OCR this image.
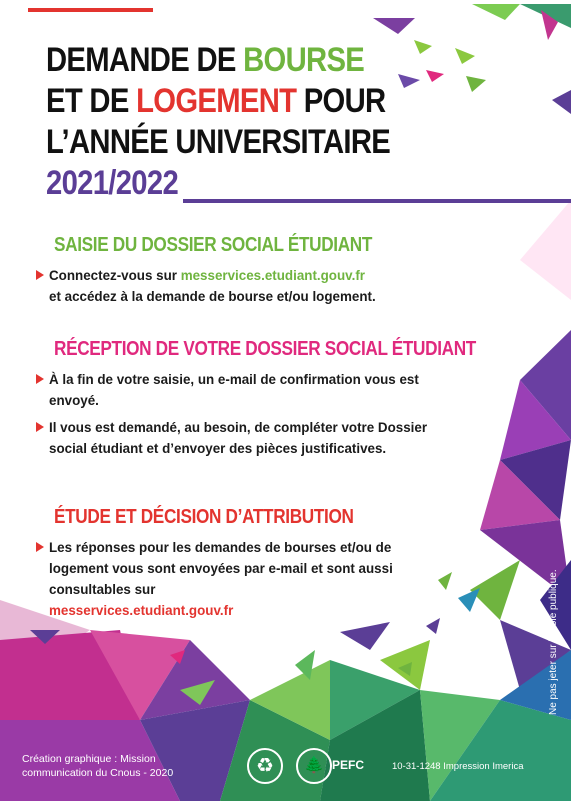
DEMANDE DE BOURSE
ET DE LOGEMENT POUR
L’ANNÉE UNIVERSITAIRE 2021/2022
SAISIE DU DOSSIER SOCIAL ÉTUDIANT
Connectez-vous sur messervices.etudiant.gouv.fr
et accédez à la demande de bourse et/ou logement.
RÉCEPTION DE VOTRE DOSSIER SOCIAL ÉTUDIANT
À la fin de votre saisie, un e-mail de confirmation vous est envoyé.
Il vous est demandé, au besoin, de compléter votre Dossier social étudiant et d’envoyer des pièces justificatives.
ÉTUDE ET DÉCISION D’ATTRIBUTION
Les réponses pour les demandes de bourses et/ou de logement vous sont envoyées par e-mail et sont aussi consultables sur
messervices.etudiant.gouv.fr	Ne pas jeter sur la voie publique.
Création graphique : Mission communication du Cnous - 2020	♻	🌲 PEFC	10-31-1248 Impression Imerica
